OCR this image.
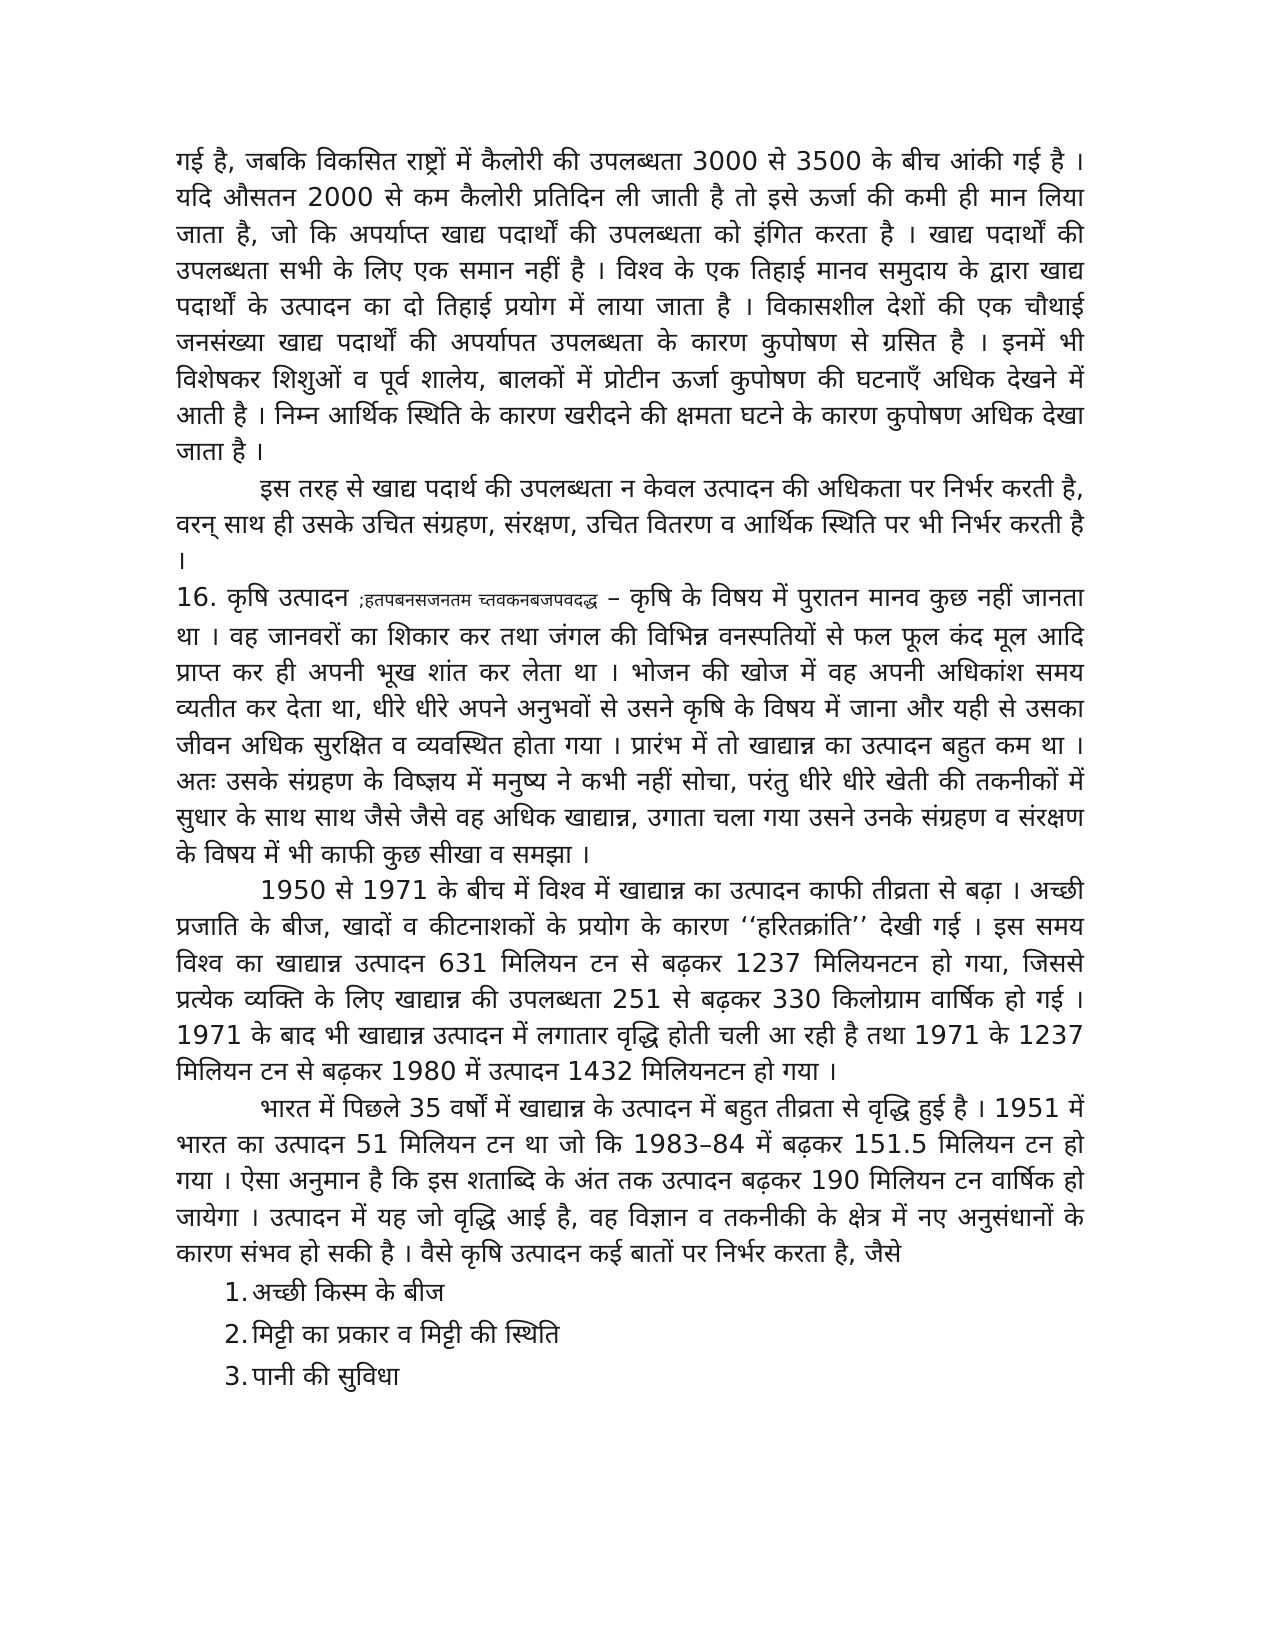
गई है, जबकि विकसित राष्ट्रों में कैलोरी की उपलब्धता 3000 से 3500 के बीच आंकी गई है । यदि औसतन 2000 से कम कैलोरी प्रतिदिन ली जाती है तो इसे ऊर्जा की कमी ही मान लिया जाता है, जो कि अपर्याप्त खाद्य पदार्थों की उपलब्धता को इंगित करता है । खाद्य पदार्थों की उपलब्धता सभी के लिए एक समान नहीं है । विश्व के एक तिहाई मानव समुदाय के द्वारा खाद्य पदार्थों के उत्पादन का दो तिहाई प्रयोग में लाया जाता है । विकासशील देशों की एक चौथाई जनसंख्या खाद्य पदार्थों की अपर्यापत उपलब्धता के कारण कुपोषण से ग्रसित है । इनमें भी विशेषकर शिशुओं व पूर्व शालेय, बालकों में प्रोटीन ऊर्जा कुपोषण की घटनाएँ अधिक देखने में आती है । निम्न आर्थिक स्थिति के कारण खरीदने की क्षमता घटने के कारण कुपोषण अधिक देखा जाता है ।

इस तरह से खाद्य पदार्थ की उपलब्धता न केवल उत्पादन की अधिकता पर निर्भर करती है, वरन् साथ ही उसके उचित संग्रहण, संरक्षण, उचित वितरण व आर्थिक स्थिति पर भी निर्भर करती है ।

16. कृषि उत्पादन ;हतपबनसजनतम च्तवकनबजपवदद्ध – कृषि के विषय में पुरातन मानव कुछ नहीं जानता था । वह जानवरों का शिकार कर तथा जंगल की विभिन्न वनस्पतियों से फल फूल कंद मूल आदि प्राप्त कर ही अपनी भूख शांत कर लेता था । भोजन की खोज में वह अपनी अधिकांश समय व्यतीत कर देता था, धीरे धीरे अपने अनुभवों से उसने कृषि के विषय में जाना और यही से उसका जीवन अधिक सुरक्षित व व्यवस्थित होता गया । प्रारंभ में तो खाद्यान्न का उत्पादन बहुत कम था । अतः उसके संग्रहण के विष्ज्ञय में मनुष्य ने कभी नहीं सोचा, परंतु धीरे धीरे खेती की तकनीकों में सुधार के साथ साथ जैसे जैसे वह अधिक खाद्यान्न, उगाता चला गया उसने उनके संग्रहण व संरक्षण के विषय में भी काफी कुछ सीखा व समझा ।

1950 से 1971 के बीच में विश्व में खाद्यान्न का उत्पादन काफी तीव्रता से बढ़ा । अच्छी प्रजाति के बीज, खादों व कीटनाशकों के प्रयोग के कारण ‘‘हरितक्रांति’’ देखी गई । इस समय विश्व का खाद्यान्न उत्पादन 631 मिलियन टन से बढ़कर 1237 मिलियनटन हो गया, जिससे प्रत्येक व्यक्ति के लिए खाद्यान्न की उपलब्धता 251 से बढ़कर 330 किलोग्राम वार्षिक हो गई । 1971 के बाद भी खाद्यान्न उत्पादन में लगातार वृद्धि होती चली आ रही है तथा 1971 के 1237 मिलियन टन से बढ़कर 1980 में उत्पादन 1432 मिलियनटन हो गया ।

भारत में पिछले 35 वर्षों में खाद्यान्न के उत्पादन में बहुत तीव्रता से वृद्धि हुई है । 1951 में भारत का उत्पादन 51 मिलियन टन था जो कि 1983–84 में बढ़कर 151.5 मिलियन टन हो गया । ऐसा अनुमान है कि इस शताब्दि के अंत तक उत्पादन बढ़कर 190 मिलियन टन वार्षिक हो जायेगा । उत्पादन में यह जो वृद्धि आई है, वह विज्ञान व तकनीकी के क्षेत्र में नए अनुसंधानों के कारण संभव हो सकी है । वैसे कृषि उत्पादन कई बातों पर निर्भर करता है, जैसे

1. अच्छी किस्म के बीज
2. मिट्टी का प्रकार व मिट्टी की स्थिति
3. पानी की सुविधा
